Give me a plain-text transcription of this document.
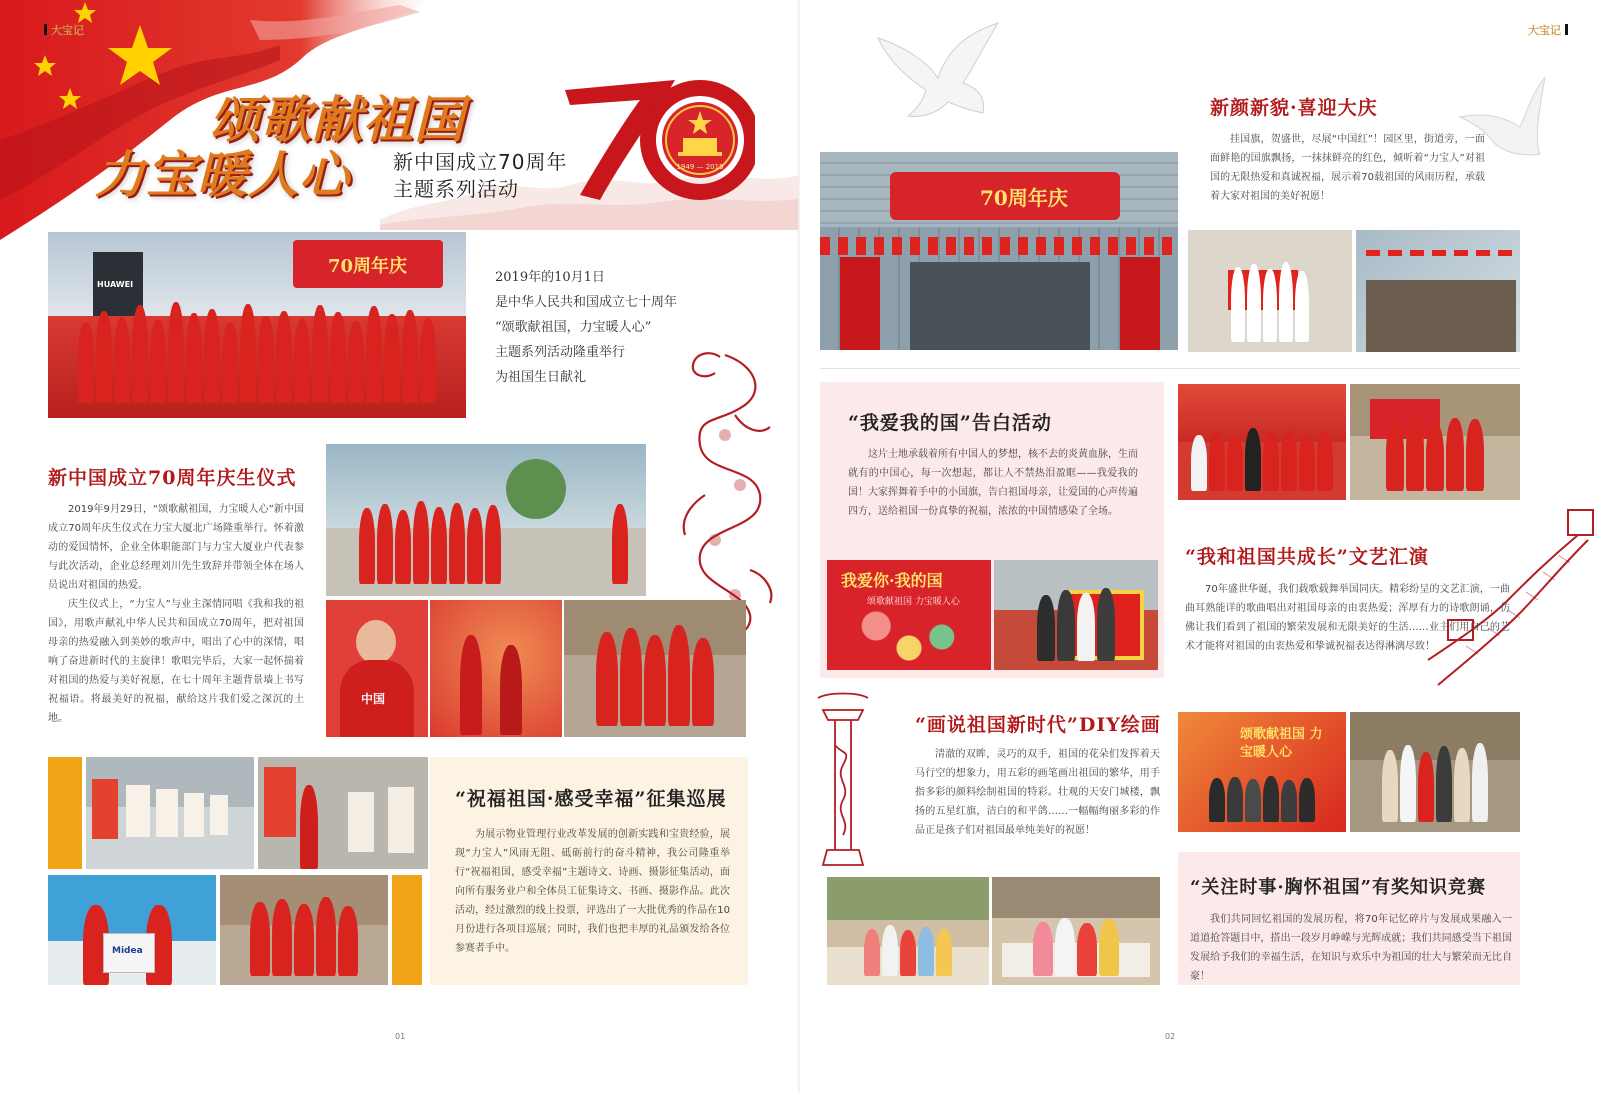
大宝记
颂歌献祖国
力宝暖人心 新中国成立70周年
主题系列活动
1949 — 2019
HUAWEI
70周年庆
2019年的10月1日
是中华人民共和国成立七十周年
“颂歌献祖国，力宝暖人心”
主题系列活动隆重举行
为祖国生日献礼
新中国成立70周年庆生仪式

2019年9月29日，“颂歌献祖国，力宝暖人心”新中国成立70周年庆生仪式在力宝大厦北广场隆重举行。怀着激动的爱国情怀，企业全体职能部门与力宝大厦业户代表参与此次活动，企业总经理刘川先生致辞并带领全体在场人员说出对祖国的热爱。

庆生仪式上，“力宝人”与业主深情同唱《我和我的祖国》，用歌声献礼中华人民共和国成立70周年，把对祖国母亲的热爱融入到美妙的歌声中，唱出了心中的深情，唱响了奋进新时代的主旋律！歌唱完毕后，大家一起怀揣着对祖国的热爱与美好祝愿，在七十周年主题背景墙上书写祝福语。将最美好的祝福，献给这片我们爱之深沉的土地。

中国
Midea
“祝福祖国·感受幸福”征集巡展

为展示物业管理行业改革发展的创新实践和宝贵经验，展现“力宝人”风雨无阻、砥砺前行的奋斗精神，我公司隆重举行“祝福祖国，感受幸福”主题诗文、诗画、摄影征集活动，面向所有服务业户和全体员工征集诗文、书画、摄影作品。此次活动，经过激烈的线上投票，评选出了一大批优秀的作品在10月份进行各项目巡展；同时，我们也把丰厚的礼品颁发给各位参赛者手中。

01
大宝记
70周年庆
新颜新貌·喜迎大庆

挂国旗，贺盛世，尽展“中国红”！园区里，街道旁，一面面鲜艳的国旗飘扬，一抹抹鲜亮的红色，倾听着“力宝人”对祖国的无限热爱和真诚祝福，展示着70载祖国的风雨历程，承载着大家对祖国的美好祝愿！

“我爱我的国”告白活动

这片土地承载着所有中国人的梦想，核不去的炎黄血脉，生而就有的中国心，每一次想起，都让人不禁热泪盈眶——我爱我的国！大家挥舞着手中的小国旗，告白祖国母亲，让爱国的心声传遍四方，送给祖国一份真挚的祝福，浓浓的中国情感染了全场。

我爱你·我的国
颂歌献祖国 力宝暖人心
“我和祖国共成长”文艺汇演

70年盛世华诞，我们载歌载舞举国同庆。精彩纷呈的文艺汇演，一曲曲耳熟能详的歌曲唱出对祖国母亲的由衷热爱；浑厚有力的诗歌朗诵，仿佛让我们看到了祖国的繁荣发展和无限美好的生活……业主们用自己的艺术才能将对祖国的由衷热爱和挚诚祝福表达得淋漓尽致！

“画说祖国新时代”DIY绘画

清澈的双眸，灵巧的双手，祖国的花朵们发挥着天马行空的想象力，用五彩的画笔画出祖国的繁华，用手指多彩的颜料绘制祖国的特彩。壮观的天安门城楼，飘扬的五星红旗，洁白的和平鸽……一幅幅绚丽多彩的作品正是孩子们对祖国最单纯美好的祝愿！

颂歌献祖国 力宝暖人心
“关注时事·胸怀祖国”有奖知识竞赛

我们共同回忆祖国的发展历程，将70年记忆碎片与发展成果融入一道道抢答题目中，搭出一段岁月峥嵘与光辉成就；我们共同感受当下祖国发展给予我们的幸福生活，在知识与欢乐中为祖国的壮大与繁荣而无比自豪！

02
